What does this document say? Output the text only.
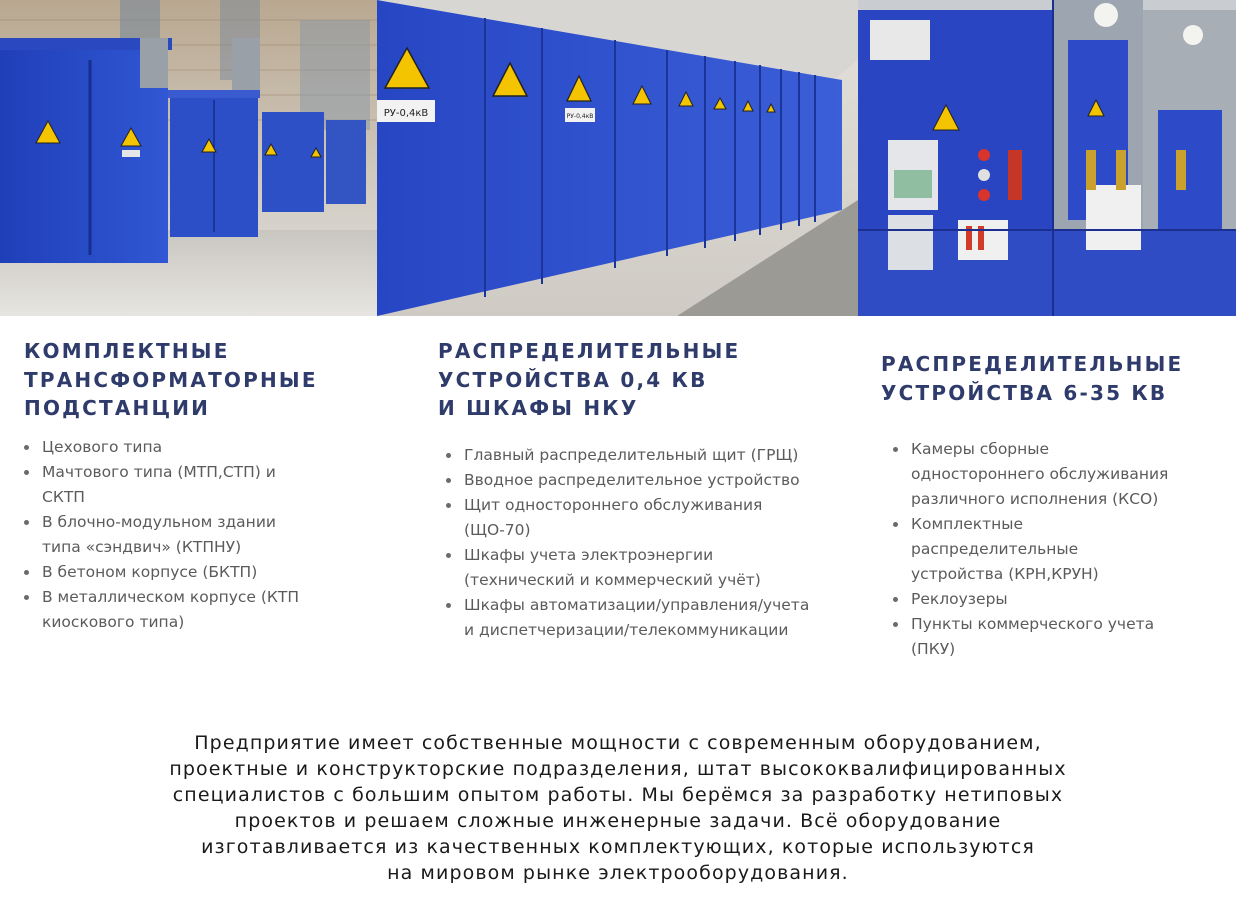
РУ-0,4кВ	РУ-0,4кВ
КОМПЛЕКТНЫЕ
ТРАНСФОРМАТОРНЫЕ
ПОДСТАНЦИИ
Цехового типа
Мачтового типа (МТП,СТП) и
СКТП
В блочно-модульном здании
типа «сэндвич» (КТПНУ)
В бетоном корпусе (БКТП)
В металлическом корпусе (КТП
киоскового типа)
РАСПРЕДЕЛИТЕЛЬНЫЕ
УСТРОЙСТВА 0,4 КВ
И ШКАФЫ НКУ
Главный распределительный щит (ГРЩ)
Вводное распределительное устройство
Щит одностороннего обслуживания
(ЩО-70)
Шкафы учета электроэнергии
(технический и коммерческий учёт)
Шкафы автоматизации/управления/учета
и диспетчеризации/телекоммуникации
РАСПРЕДЕЛИТЕЛЬНЫЕ
УСТРОЙСТВА 6-35 КВ
Камеры сборные
одностороннего обслуживания
различного исполнения (КСО)
Комплектные
распределительные
устройства (КРН,КРУН)
Реклоузеры
Пункты коммерческого учета
(ПКУ)
Предприятие имеет собственные мощности с современным оборудованием,
проектные и конструкторские подразделения, штат высококвалифицированных
специалистов с большим опытом работы. Мы берёмся за разработку нетиповых
проектов и решаем сложные инженерные задачи. Всё оборудование
изготавливается из качественных комплектующих, которые используются
на мировом рынке электрооборудования.
